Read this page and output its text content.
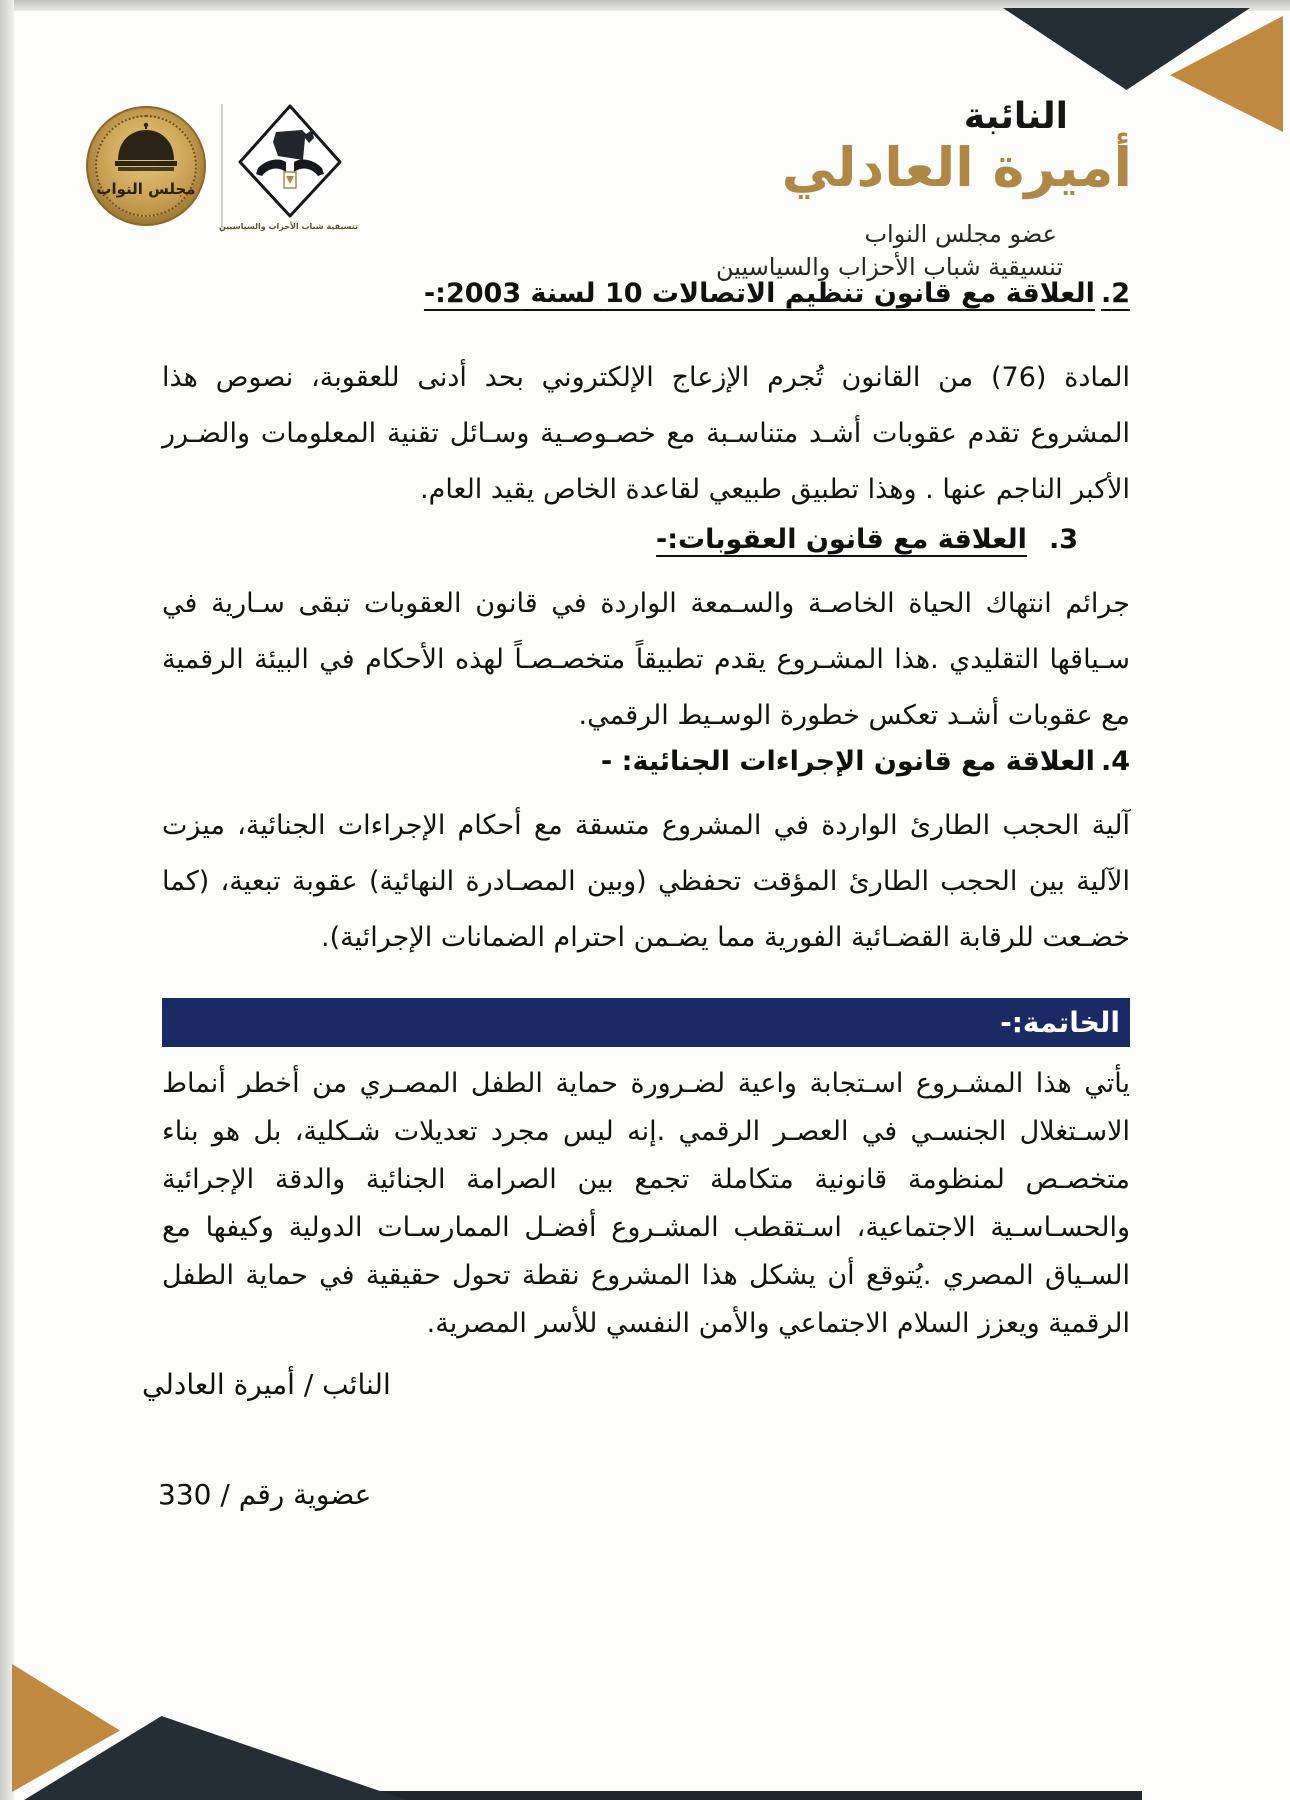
مجلس النواب
تنسيقية شباب الأحزاب والسياسيين
النائبة
أميرة العادلي
عضو مجلس النواب
تنسيقية شباب الأحزاب والسياسيين
2.العلاقة مع قانون تنظيم الاتصالات 10 لسنة 2003:-
المادة (76) من القانون تُجرم الإزعاج الإلكتروني بحد أدنى للعقوبة، نصوص هذا المشروع تقدم عقوبات أشـد متناسـبة مع خصـوصـية وسـائل تقنية المعلومات والضـرر الأكبر الناجم عنها . وهذا تطبيق طبيعي لقاعدة الخاص يقيد العام.
3.العلاقة مع قانون العقوبات:-
جرائم انتهاك الحياة الخاصـة والسـمعة الواردة في قانون العقوبات تبقى سـارية في سـياقها التقليدي .هذا المشـروع يقدم تطبيقاً متخصـصـاً لهذه الأحكام في البيئة الرقمية مع عقوبات أشـد تعكس خطورة الوسـيط الرقمي.
4.العلاقة مع قانون الإجراءات الجنائية: -
آلية الحجب الطارئ الواردة في المشروع متسقة مع أحكام الإجراءات الجنائية، ميزت الآلية بين الحجب الطارئ المؤقت تحفظي (وبين المصـادرة النهائية) عقوبة تبعية، (كما خضـعت للرقابة القضـائية الفورية مما يضـمن احترام الضمانات الإجرائية).
الخاتمة:-
يأتي هذا المشـروع اسـتجابة واعية لضـرورة حماية الطفل المصـري من أخطر أنماط الاسـتغلال الجنسـي في العصـر الرقمي .إنه ليس مجرد تعديلات شـكلية، بل هو بناء متخصـص لمنظومة قانونية متكاملة تجمع بين الصرامة الجنائية والدقة الإجرائية والحسـاسـية الاجتماعية، اسـتقطب المشـروع أفضـل الممارسـات الدولية وكيفها مع السـياق المصري .يُتوقع أن يشكل هذا المشروع نقطة تحول حقيقية في حماية الطفل الرقمية ويعزز السلام الاجتماعي والأمن النفسي للأسر المصرية.
النائب / أميرة العادلي
عضوية رقم / 330
